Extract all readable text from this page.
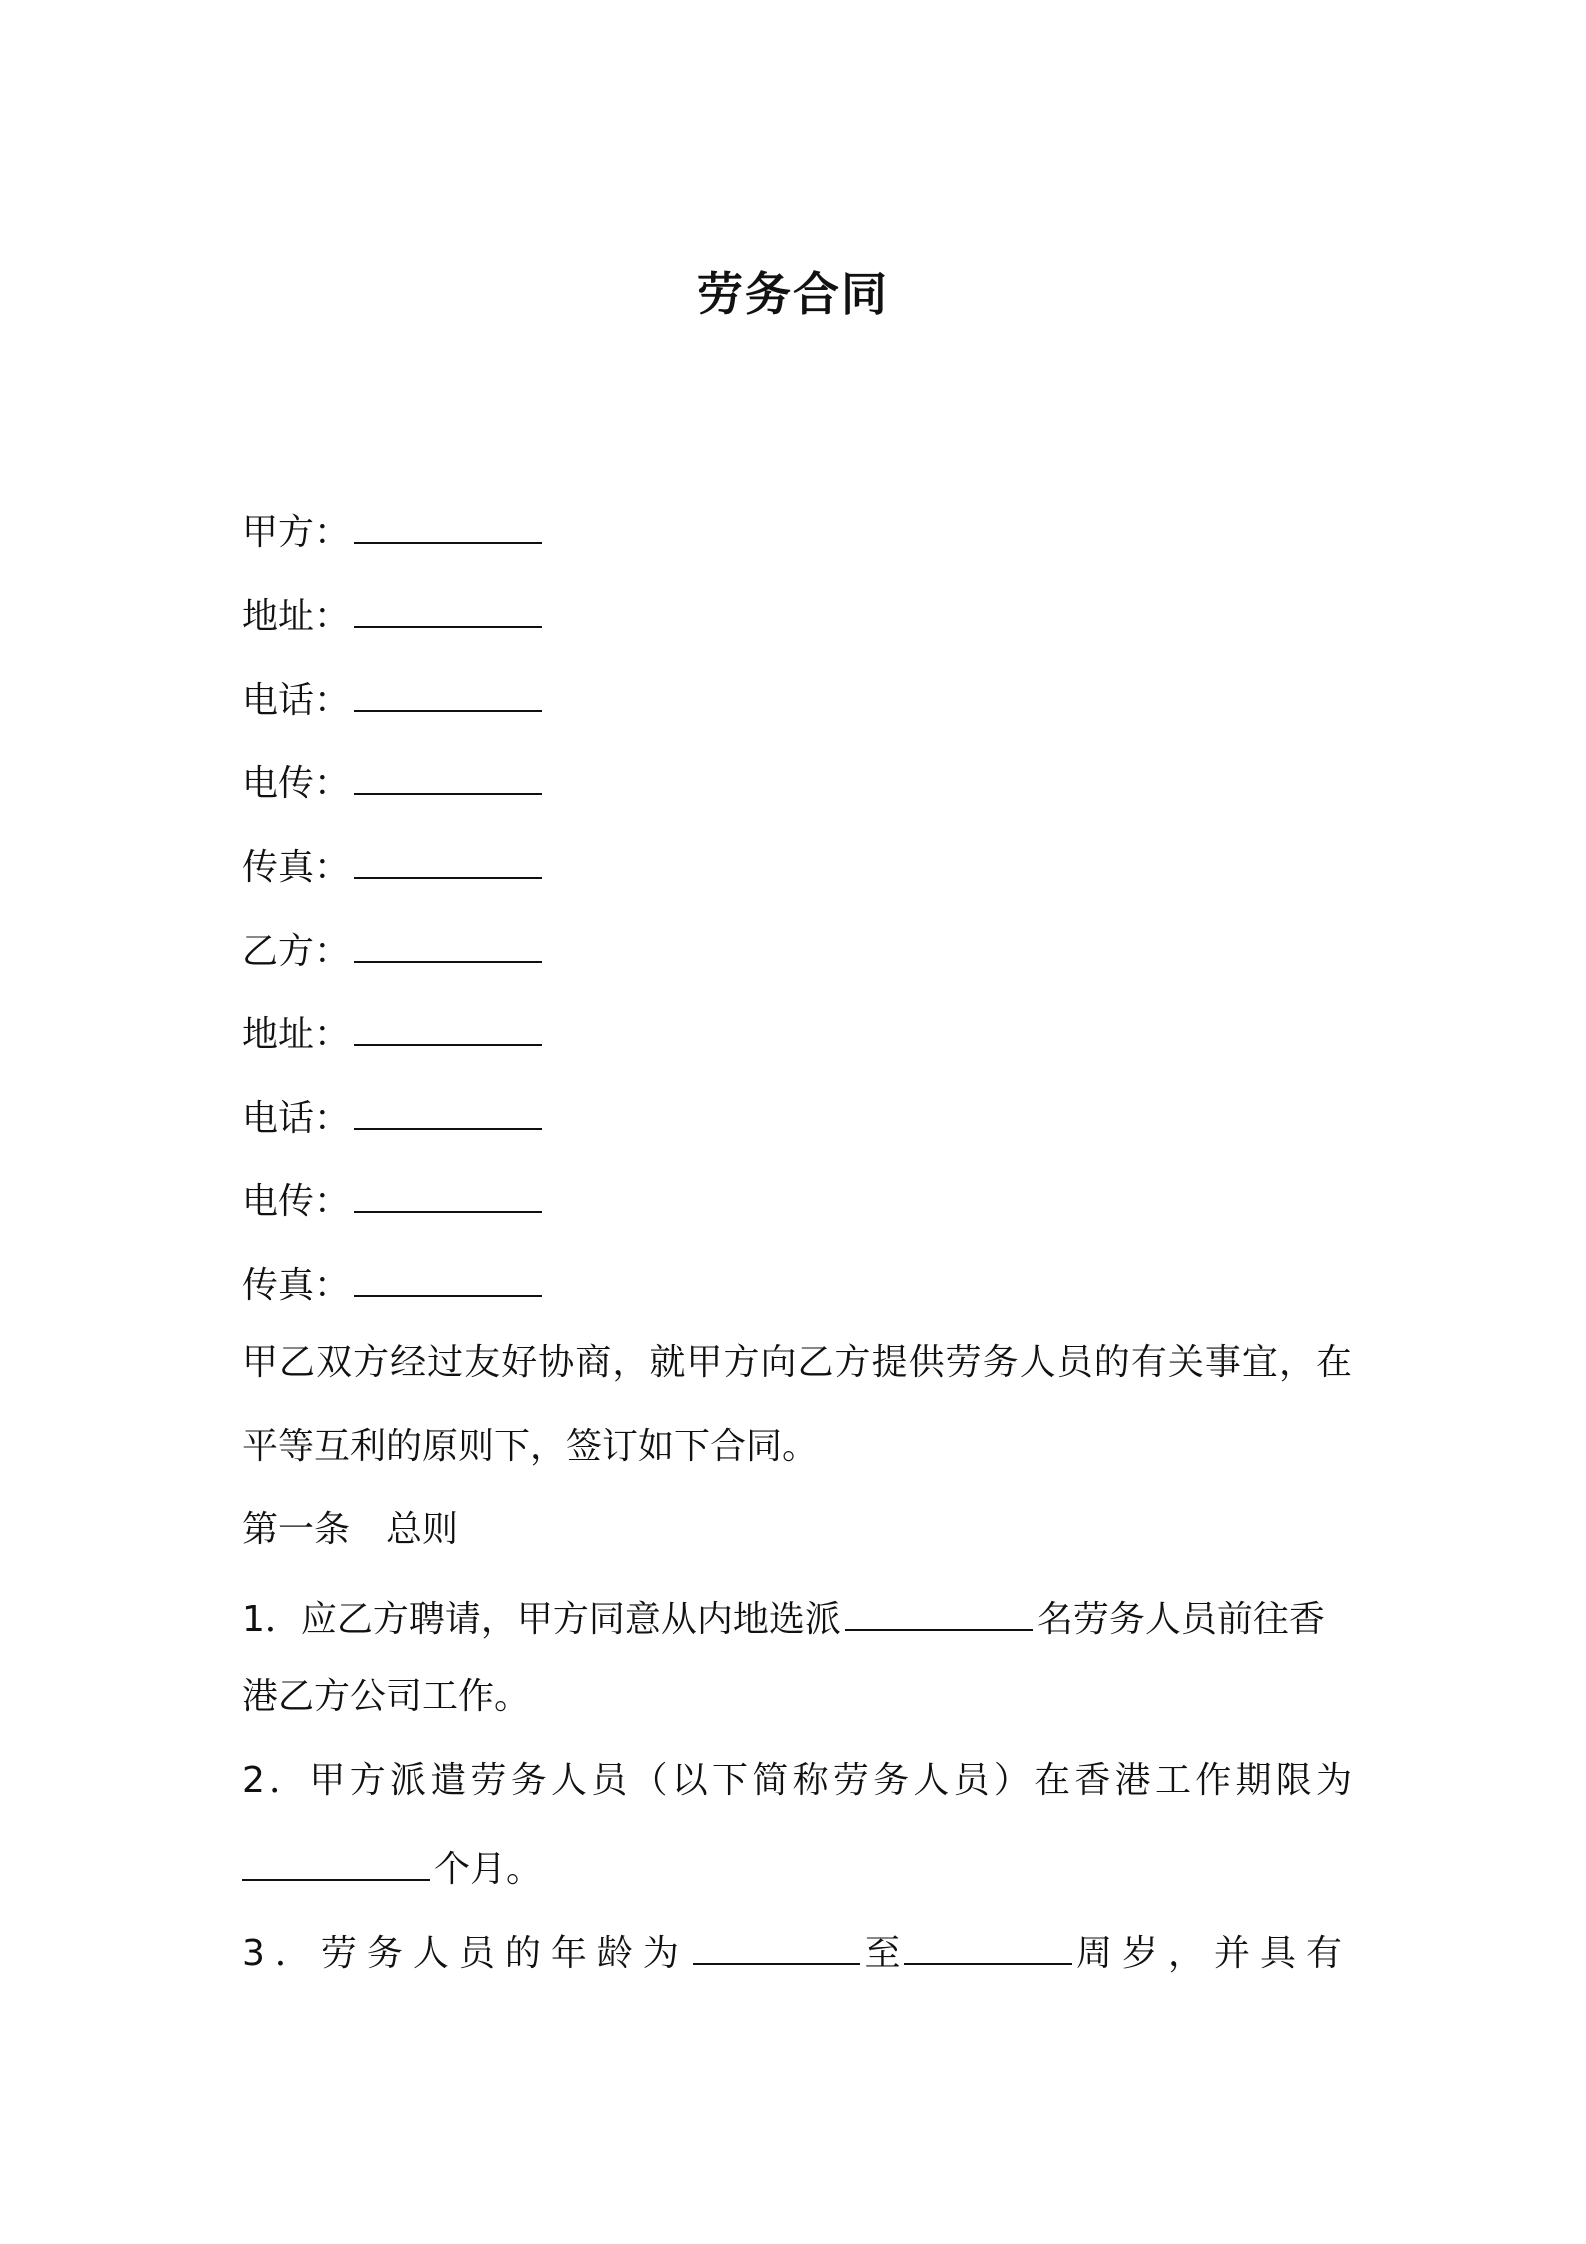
劳务合同
甲方：
地址：
电话：
电传：
传真：
乙方：
地址：
电话：
电传：
传真：
甲乙双方经过友好协商，就甲方向乙方提供劳务人员的有关事宜，在
平等互利的原则下，签订如下合同。
第一条　总则
1．应乙方聘请，甲方同意从内地选派	名劳务人员前往香
港乙方公司工作。
2．甲方派遣劳务人员（以下简称劳务人员）在香港工作期限为
个月。
3．劳务人员的年龄为	至	周岁，并具有
